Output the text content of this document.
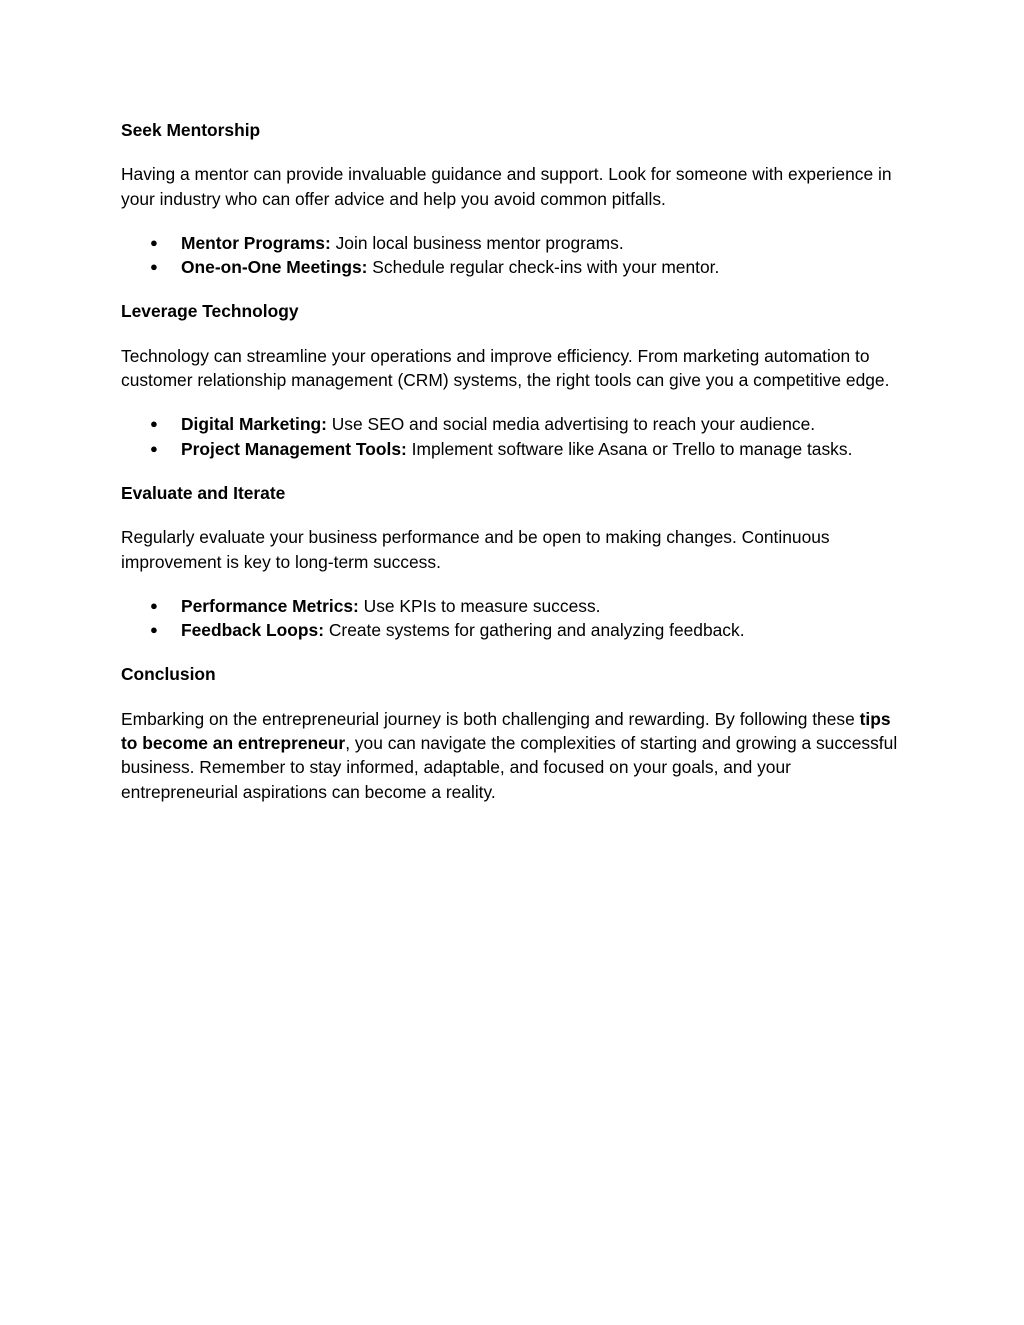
Seek Mentorship

Having a mentor can provide invaluable guidance and support. Look for someone with experience in your industry who can offer advice and help you avoid common pitfalls.

● Mentor Programs: Join local business mentor programs.
● One-on-One Meetings: Schedule regular check-ins with your mentor.
Leverage Technology

Technology can streamline your operations and improve efficiency. From marketing automation to customer relationship management (CRM) systems, the right tools can give you a competitive edge.

● Digital Marketing: Use SEO and social media advertising to reach your audience.
● Project Management Tools: Implement software like Asana or Trello to manage tasks.
Evaluate and Iterate

Regularly evaluate your business performance and be open to making changes. Continuous improvement is key to long-term success.

● Performance Metrics: Use KPIs to measure success.
● Feedback Loops: Create systems for gathering and analyzing feedback.
Conclusion

Embarking on the entrepreneurial journey is both challenging and rewarding. By following these tips to become an entrepreneur, you can navigate the complexities of starting and growing a successful business. Remember to stay informed, adaptable, and focused on your goals, and your entrepreneurial aspirations can become a reality.
